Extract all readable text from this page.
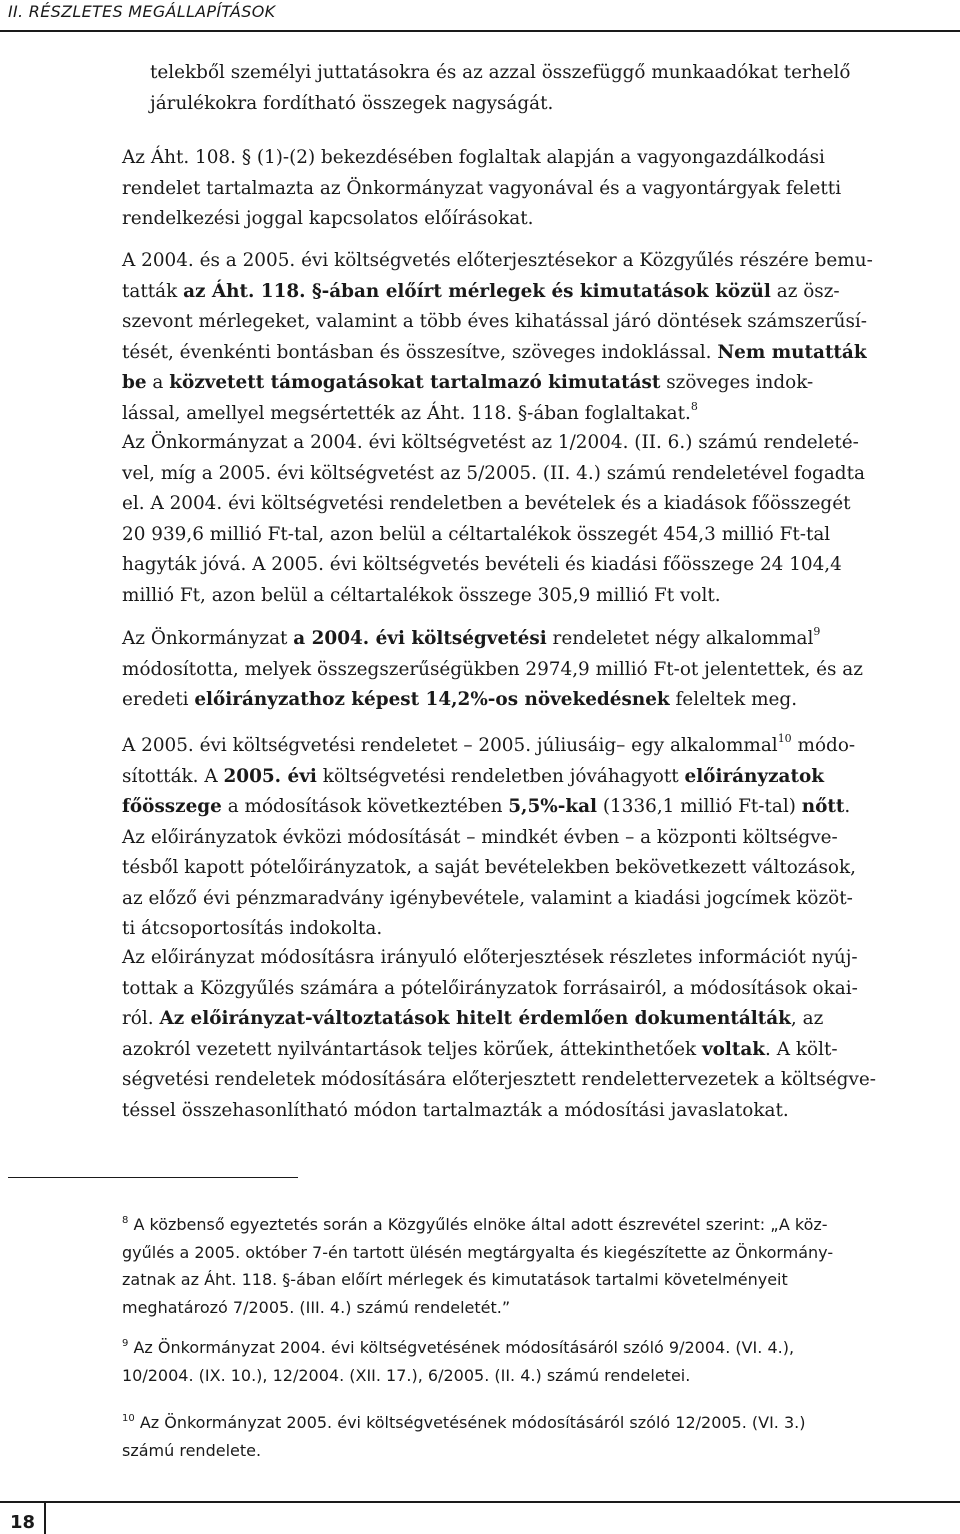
II. RÉSZLETES MEGÁLLAPÍTÁSOK
telekből személyi juttatásokra és az azzal összefüggő munkaadókat terhelő
járulékokra fordítható összegek nagyságát.
Az Áht. 108. § (1)-(2) bekezdésében foglaltak alapján a vagyongazdálkodási
rendelet tartalmazta az Önkormányzat vagyonával és a vagyontárgyak feletti
rendelkezési joggal kapcsolatos előírásokat.
A 2004. és a 2005. évi költségvetés előterjesztésekor a Közgyűlés részére bemu-
tatták az Áht. 118. §-ában előírt mérlegek és kimutatások közül az ösz-
szevont mérlegeket, valamint a több éves kihatással járó döntések számszerűsí-
tését, évenkénti bontásban és összesítve, szöveges indoklással. Nem mutatták
be a közvetett támogatásokat tartalmazó kimutatást szöveges indok-
lással, amellyel megsértették az Áht. 118. §-ában foglaltakat.$^8$
Az Önkormányzat a 2004. évi költségvetést az 1/2004. (II. 6.) számú rendeleté-
vel, míg a 2005. évi költségvetést az 5/2005. (II. 4.) számú rendeletével fogadta
el. A 2004. évi költségvetési rendeletben a bevételek és a kiadások főösszegét
20 939,6 millió Ft-tal, azon belül a céltartalékok összegét 454,3 millió Ft-tal
hagyták jóvá. A 2005. évi költségvetés bevételi és kiadási főösszege 24 104,4
millió Ft, azon belül a céltartalékok összege 305,9 millió Ft volt.
Az Önkormányzat a 2004. évi költségvetési rendeletet négy alkalommal$^9$
módosította, melyek összegszerűségükben 2974,9 millió Ft-ot jelentettek, és az
eredeti előirányzathoz képest 14,2%-os növekedésnek feleltek meg.
A 2005. évi költségvetési rendeletet – 2005. júliusáig– egy alkalommal$^{10}$ módo-
sították. A 2005. évi költségvetési rendeletben jóváhagyott előirányzatok
főösszege a módosítások következtében 5,5%-kal (1336,1 millió Ft-tal) nőtt.
Az előirányzatok évközi módosítását – mindkét évben – a központi költségve-
tésből kapott pótelőirányzatok, a saját bevételekben bekövetkezett változások,
az előző évi pénzmaradvány igénybevétele, valamint a kiadási jogcímek közöt-
ti átcsoportosítás indokolta.
Az előirányzat módosításra irányuló előterjesztések részletes információt nyúj-
tottak a Közgyűlés számára a pótelőirányzatok forrásairól, a módosítások okai-
ról. Az előirányzat-változtatások hitelt érdemlően dokumentálták, az
azokról vezetett nyilvántartások teljes körűek, áttekinthetőek voltak. A költ-
ségvetési rendeletek módosítására előterjesztett rendelettervezetek a költségve-
téssel összehasonlítható módon tartalmazták a módosítási javaslatokat.
$^8$ A közbenső egyeztetés során a Közgyűlés elnöke által adott észrevétel szerint: „A köz-
gyűlés a 2005. október 7-én tartott ülésén megtárgyalta és kiegészítette az Önkormány-
zatnak az Áht. 118. §-ában előírt mérlegek és kimutatások tartalmi követelményeit
meghatározó 7/2005. (III. 4.) számú rendeletét.”
$^9$ Az Önkormányzat 2004. évi költségvetésének módosításáról szóló 9/2004. (VI. 4.),
10/2004. (IX. 10.), 12/2004. (XII. 17.), 6/2005. (II. 4.) számú rendeletei.
$^{10}$ Az Önkormányzat 2005. évi költségvetésének módosításáról szóló 12/2005. (VI. 3.)
számú rendelete.
18
